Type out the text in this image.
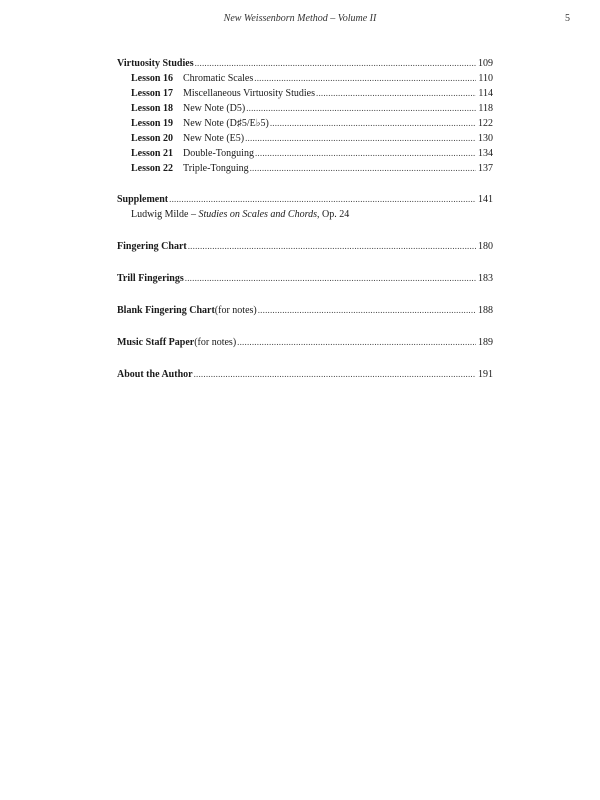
New Weissenborn Method – Volume II	5
Virtuosity Studies .....	109
Lesson 16	Chromatic Scales .....	110
Lesson 17	Miscellaneous Virtuosity Studies .....	114
Lesson 18	New Note (D5) .....	118
Lesson 19	New Note (D♯5/E♭5) .....	122
Lesson 20	New Note (E5) .....	130
Lesson 21	Double-Tonguing .....	134
Lesson 22	Triple-Tonguing .....	137
Supplement .....	141
Ludwig Milde – Studies on Scales and Chords, Op. 24
Fingering Chart .....	180
Trill Fingerings .....	183
Blank Fingering Chart (for notes) .....	188
Music Staff Paper (for notes) .....	189
About the Author .....	191
